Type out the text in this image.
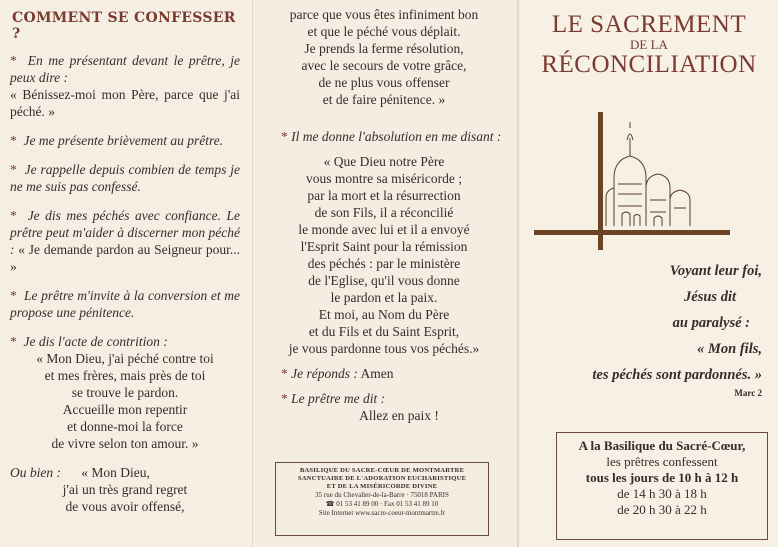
COMMENT SE CONFESSER ?

* En me présentant devant le prêtre, je peux dire :

« Bénissez-moi mon Père, parce que j'ai péché. »

* Je me présente brièvement au prêtre.

* Je rappelle depuis combien de temps je ne me suis pas confessé.

* Je dis mes péchés avec confiance. Le prêtre peut m'aider à discerner mon péché : « Je demande pardon au Seigneur pour... »

* Le prêtre m'invite à la conversion et me propose une pénitence.

* Je dis l'acte de contrition :

« Mon Dieu, j'ai péché contre toi

et mes frères, mais près de toi

se trouve le pardon.

Accueille mon repentir

et donne-moi la force

de vivre selon ton amour. »

Ou bien : « Mon Dieu,

j'ai un très grand regret

de vous avoir offensé,

parce que vous êtes infiniment bon

et que le péché vous déplait.

Je prends la ferme résolution,

avec le secours de votre grâce,

de ne plus vous offenser

et de faire pénitence. »

* Il me donne l'absolution en me disant :

« Que Dieu notre Père

vous montre sa miséricorde ;

par la mort et la résurrection

de son Fils, il a réconcilié

le monde avec lui et il a envoyé

l'Esprit Saint pour la rémission

des péchés : par le ministère

de l'Eglise, qu'il vous donne

le pardon et la paix.

Et moi, au Nom du Père

et du Fils et du Saint Esprit,

je vous pardonne tous vos péchés.»

* Je réponds : Amen

* Le prêtre me dit :

Allez en paix !

BASILIQUE DU SACRE-CŒUR DE MONTMARTRE
SANCTUAIRE DE L'ADORATION EUCHARISTIQUE
ET DE LA MISÉRICORDE DIVINE
35 rue du Chevalier-de-la-Barre · 75018 PARIS
☎ 01 53 41 89 00 · Fax 01 53 41 89 10
Site Internet www.sacre-coeur-montmartre.fr
LE SACREMENT
DE LA
RÉCONCILIATION
Voyant leur foi,
Jésus dit
au paralysé :
« Mon fils,
tes péchés sont pardonnés. »
Marc 2
A la Basilique du Sacré-Cœur,
les prêtres confessent
tous les jours de 10 h à 12 h
de 14 h 30 à 18 h
de 20 h 30 à 22 h
